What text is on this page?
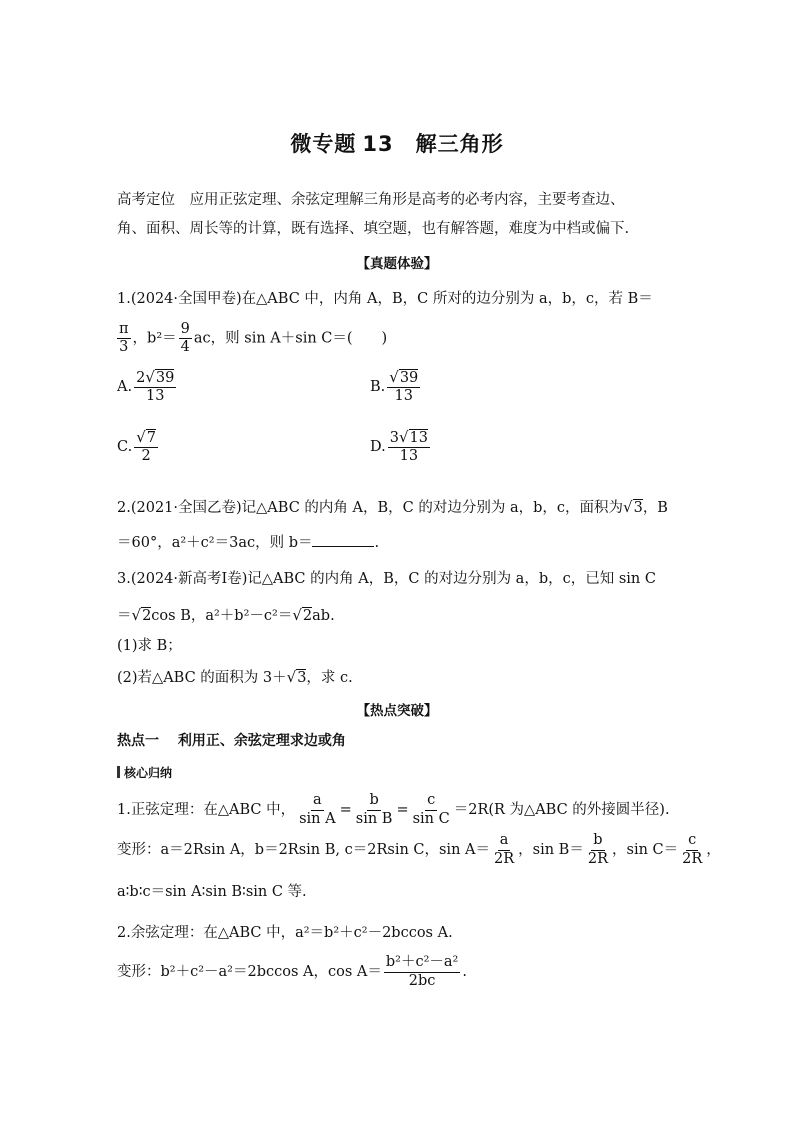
微专题 13 解三角形
高考定位　 应用正弦定理、余弦定理解三角形是高考的必考内容，主要考查边、
角、面积、周长等的计算，既有选择、填空题，也有解答题，难度为中档或偏下.
【真题体验】
1.(2024·全国甲卷)在△ABC 中，内角 A，B，C 所对的边分别为 a，b，c，若 B＝
$\frac{\pi}{3}$ ，$b^2= \frac{9}{4}$ ac，则 sin A＋sin C＝(　　)
A. $\frac{2√39}{13}$	B. $\frac{√39}{13}$
C. $\frac{√7}{2}$	D. $\frac{3√13}{13}$
2.(2021·全国乙卷)记△ABC 的内角 A，B，C 的对边分别为 a，b，c，面积为√3，B
＝60°，a²＋c²＝3ac，则 b＝	.
3.(2024·新高考Ⅰ卷)记△ABC 的内角 A，B，C 的对边分别为 a，b，c，已知 sin C
＝√2cos B，a²＋b²－c²＝√2ab.
(1)求 B；
(2)若△ABC 的面积为 3＋√3，求 c.
【热点突破】
热点一　 利用正、余弦定理求边或角
核心归纳
1.正弦定理：在△ABC 中， $\frac{a}{\text{sin A}} = \frac{b}{\text{sin B}} = \frac{c}{\text{sin C}} =2R(R$ 为△ABC 的外接圆半径).
变形：a＝2Rsin A，b＝2Rsin B, c＝2Rsin C，$\sin A= \frac{a}{2R}$ ，$\sin B= \frac{b}{2R}$ ，$\sin C= \frac{c}{2R}$ ，
a∶b∶c＝sin A∶sin B∶sin C 等.
2.余弦定理：在△ABC 中，a²＝b²＋c²－2bccos A.
变形：b²＋c²－a²＝2bccos A，$\cos A= \frac{\text{b²＋c²－a²}}{2bc}$ .
